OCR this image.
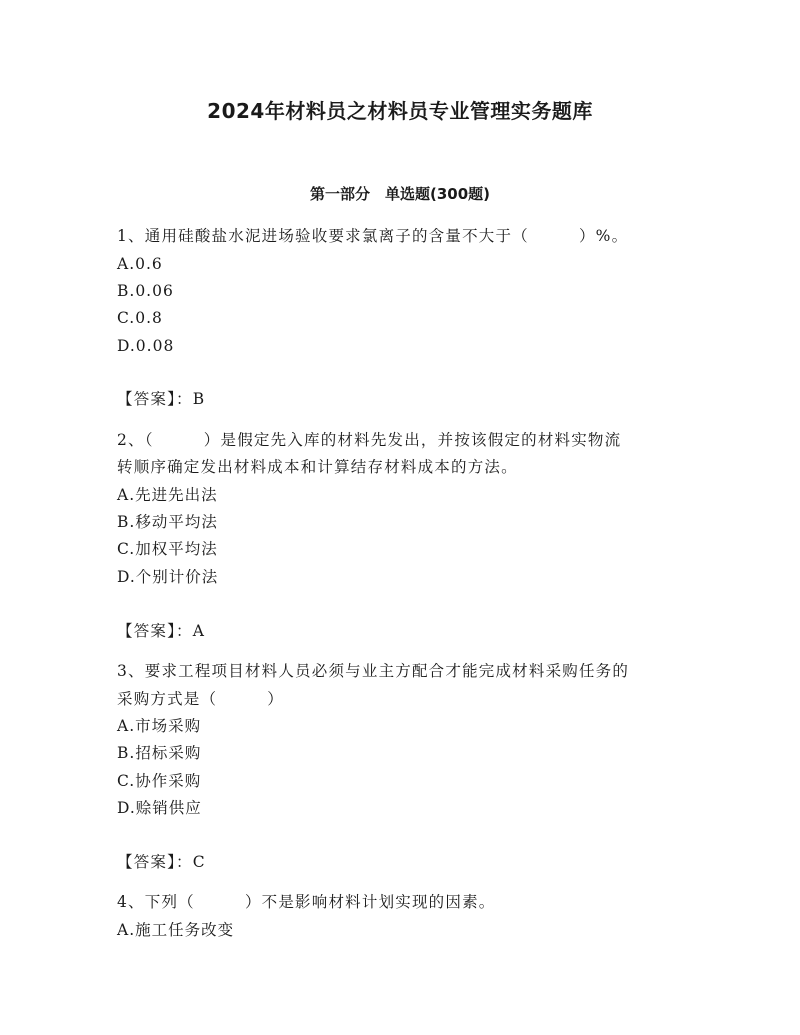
2024年材料员之材料员专业管理实务题库
第一部分　单选题(300题)
1、通用硅酸盐水泥进场验收要求氯离子的含量不大于（　　　）%。
A.0.6
B.0.06
C.0.8
D.0.08
【答案】：B
2、（　　　）是假定先入库的材料先发出，并按该假定的材料实物流
转顺序确定发出材料成本和计算结存材料成本的方法。
A.先进先出法
B.移动平均法
C.加权平均法
D.个别计价法
【答案】：A
3、要求工程项目材料人员必须与业主方配合才能完成材料采购任务的
采购方式是（　　　）
A.市场采购
B.招标采购
C.协作采购
D.赊销供应
【答案】：C
4、下列（　　　）不是影响材料计划实现的因素。
A.施工任务改变
